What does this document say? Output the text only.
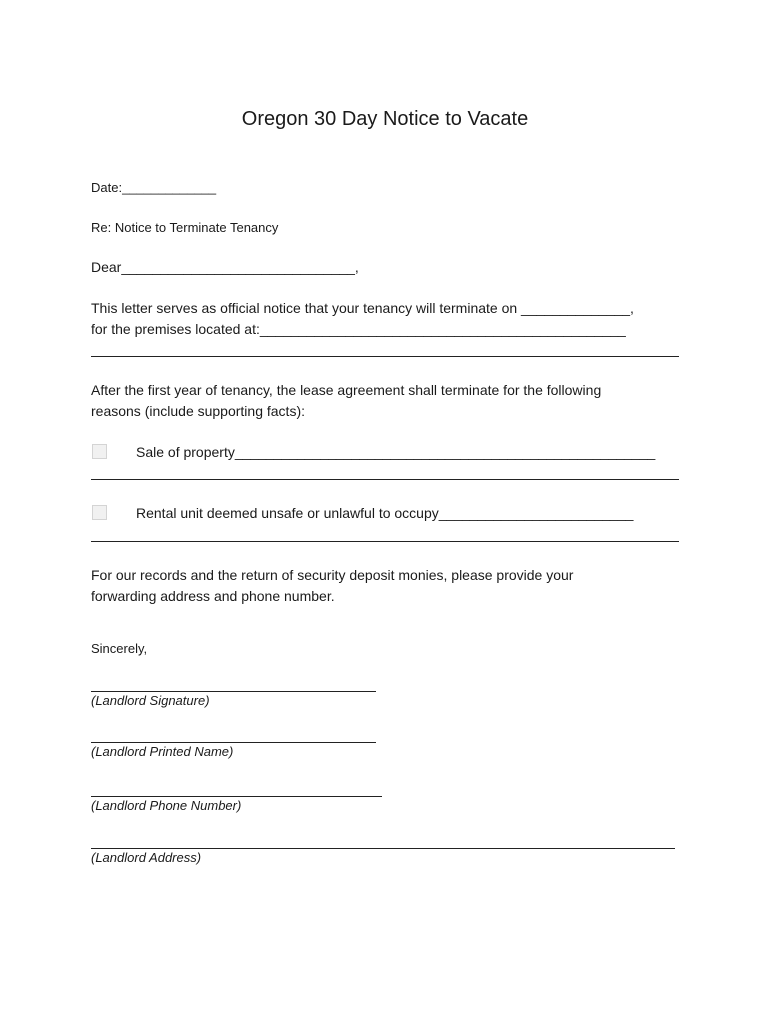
Oregon 30 Day Notice to Vacate
Date:_____________
Re: Notice to Terminate Tenancy
Dear______________________________,
This letter serves as official notice that your tenancy will terminate on ______________,
for the premises located at:_______________________________________________
After the first year of tenancy, the lease agreement shall terminate for the following
reasons (include supporting facts):
Sale of property______________________________________________________
Rental unit deemed unsafe or unlawful to occupy_________________________
For our records and the return of security deposit monies, please provide your
forwarding address and phone number.
Sincerely,
(Landlord Signature)
(Landlord Printed Name)
(Landlord Phone Number)
(Landlord Address)
